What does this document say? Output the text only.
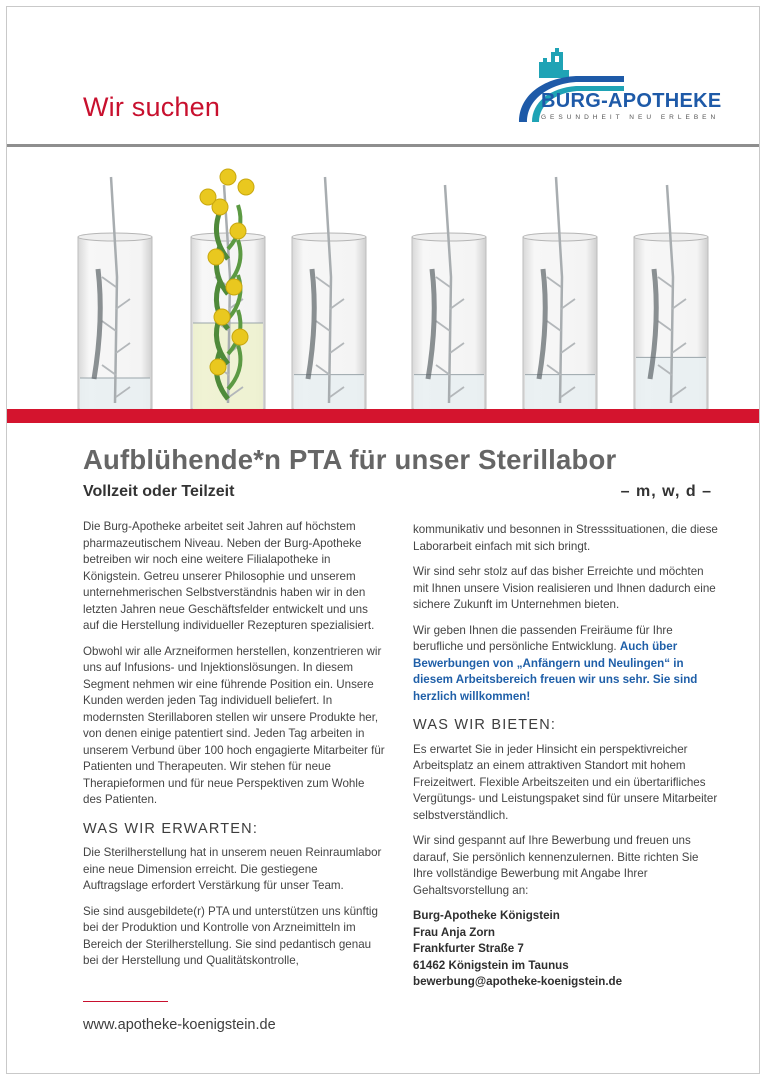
Wir suchen	BURG-APOTHEKE
GESUNDHEIT NEU ERLEBEN
Aufblühende*n PTA für unser Sterillabor
Vollzeit oder Teilzeit	– m, w, d –

Die Burg-Apotheke arbeitet seit Jahren auf höchstem pharmazeutischem Niveau. Neben der Burg-Apotheke betreiben wir noch eine weitere Filialapotheke in Königstein. Getreu unserer Philosophie und unserem unternehmerischen Selbstverständnis haben wir in den letzten Jahren neue Geschäftsfelder entwickelt und uns auf die Herstellung individueller Rezepturen spezialisiert.

Obwohl wir alle Arzneiformen herstellen, konzentrieren wir uns auf Infusions- und Injektionslösungen. In diesem Segment nehmen wir eine führende Position ein. Unsere Kunden werden jeden Tag individuell beliefert. In modernsten Sterillaboren stellen wir unsere Produkte her, von denen einige patentiert sind. Jeden Tag arbeiten in unserem Verbund über 100 hoch engagierte Mitarbeiter für Patienten und Therapeuten. Wir stehen für neue Therapieformen und für neue Perspektiven zum Wohle des Patienten.

WAS WIR ERWARTEN:

Die Sterilherstellung hat in unserem neuen Reinraumlabor eine neue Dimension erreicht. Die gestiegene Auftragslage erfordert Verstärkung für unser Team.

Sie sind ausgebildete(r) PTA und unterstützen uns künftig bei der Produktion und Kontrolle von Arzneimitteln im Bereich der Sterilherstellung. Sie sind pedantisch genau bei der Herstellung und Qualitätskontrolle,

kommunikativ und besonnen in Stresssituationen, die diese Laborarbeit einfach mit sich bringt.

Wir sind sehr stolz auf das bisher Erreichte und möchten mit Ihnen unsere Vision realisieren und Ihnen dadurch eine sichere Zukunft im Unternehmen bieten.

Wir geben Ihnen die passenden Freiräume für Ihre berufliche und persönliche Entwicklung. Auch über Bewerbungen von „Anfängern und Neulingen“ in diesem Arbeitsbereich freuen wir uns sehr. Sie sind herzlich willkommen!

WAS WIR BIETEN:

Es erwartet Sie in jeder Hinsicht ein perspektivreicher Arbeitsplatz an einem attraktiven Standort mit hohem Freizeitwert. Flexible Arbeitszeiten und ein übertarifliches Vergütungs- und Leistungspaket sind für unsere Mitarbeiter selbstverständlich.

Wir sind gespannt auf Ihre Bewerbung und freuen uns darauf, Sie persönlich kennenzulernen. Bitte richten Sie Ihre vollständige Bewerbung mit Angabe Ihrer Gehaltsvorstellung an:

Burg-Apotheke Königstein
Frau Anja Zorn
Frankfurter Straße 7
61462 Königstein im Taunus
bewerbung@apotheke-koenigstein.de
www.apotheke-koenigstein.de
